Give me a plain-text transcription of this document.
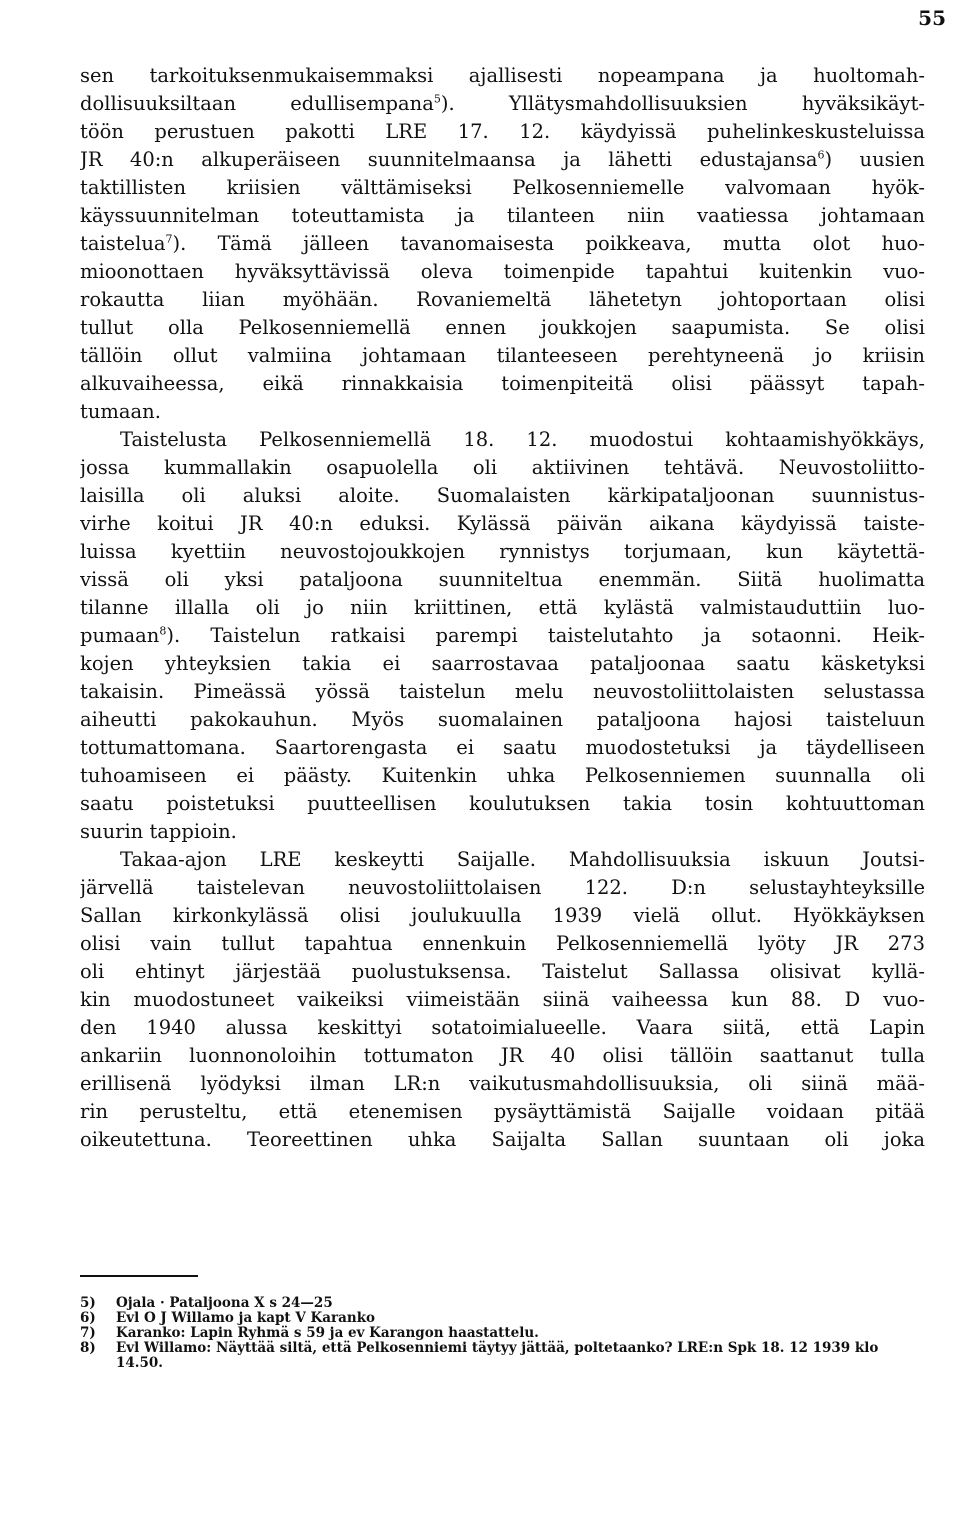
55
sen tarkoituksenmukaisemmaksi ajallisesti nopeampana ja huoltomah-
dollisuuksiltaan edullisempana$^5$). Yllätysmahdollisuuksien hyväksikäyt-
töön perustuen pakotti LRE 17. 12. käydyissä puhelinkeskusteluissa
JR 40:n alkuperäiseen suunnitelmaansa ja lähetti edustajansa$^6$) uusien
taktillisten kriisien välttämiseksi Pelkosenniemelle valvomaan hyök-
käyssuunnitelman toteuttamista ja tilanteen niin vaatiessa johtamaan
taistelua$^7$). Tämä jälleen tavanomaisesta poikkeava, mutta olot huo-
mioonottaen hyväksyttävissä oleva toimenpide tapahtui kuitenkin vuo-
rokautta liian myöhään. Rovaniemeltä lähetetyn johtoportaan olisi
tullut olla Pelkosenniemellä ennen joukkojen saapumista. Se olisi
tällöin ollut valmiina johtamaan tilanteeseen perehtyneenä jo kriisin
alkuvaiheessa, eikä rinnakkaisia toimenpiteitä olisi päässyt tapah-
tumaan.
Taistelusta Pelkosenniemellä 18. 12. muodostui kohtaamishyökkäys,
jossa kummallakin osapuolella oli aktiivinen tehtävä. Neuvostoliitto-
laisilla oli aluksi aloite. Suomalaisten kärkipataljoonan suunnistus-
virhe koitui JR 40:n eduksi. Kylässä päivän aikana käydyissä taiste-
luissa kyettiin neuvostojoukkojen rynnistys torjumaan, kun käytettä-
vissä oli yksi pataljoona suunniteltua enemmän. Siitä huolimatta
tilanne illalla oli jo niin kriittinen, että kylästä valmistauduttiin luo-
pumaan$^8$). Taistelun ratkaisi parempi taistelutahto ja sotaonni. Heik-
kojen yhteyksien takia ei saarrostavaa pataljoonaa saatu käsketyksi
takaisin. Pimeässä yössä taistelun melu neuvostoliittolaisten selustassa
aiheutti pakokauhun. Myös suomalainen pataljoona hajosi taisteluun
tottumattomana. Saartorengasta ei saatu muodostetuksi ja täydelliseen
tuhoamiseen ei päästy. Kuitenkin uhka Pelkosenniemen suunnalla oli
saatu poistetuksi puutteellisen koulutuksen takia tosin kohtuuttoman
suurin tappioin.
Takaa-ajon LRE keskeytti Saijalle. Mahdollisuuksia iskuun Joutsi-
järvellä taistelevan neuvostoliittolaisen 122. D:n selustayhteyksille
Sallan kirkonkylässä olisi joulukuulla 1939 vielä ollut. Hyökkäyksen
olisi vain tullut tapahtua ennenkuin Pelkosenniemellä lyöty JR 273
oli ehtinyt järjestää puolustuksensa. Taistelut Sallassa olisivat kyllä-
kin muodostuneet vaikeiksi viimeistään siinä vaiheessa kun 88. D vuo-
den 1940 alussa keskittyi sotatoimialueelle. Vaara siitä, että Lapin
ankariin luonnonoloihin tottumaton JR 40 olisi tällöin saattanut tulla
erillisenä lyödyksi ilman LR:n vaikutusmahdollisuuksia, oli siinä mää-
rin perusteltu, että etenemisen pysäyttämistä Saijalle voidaan pitää
oikeutettuna. Teoreettinen uhka Saijalta Sallan suuntaan oli joka
5)	Ojala · Pataljoona X s 24—25
6)	Evl O J Willamo ja kapt V Karanko
7)	Karanko: Lapin Ryhmä s 59 ja ev Karangon haastattelu.
8)	Evl Willamo: Näyttää siltä, että Pelkosenniemi täytyy jättää, poltetaanko? LRE:n Spk 18. 12 1939 klo 14.50.
